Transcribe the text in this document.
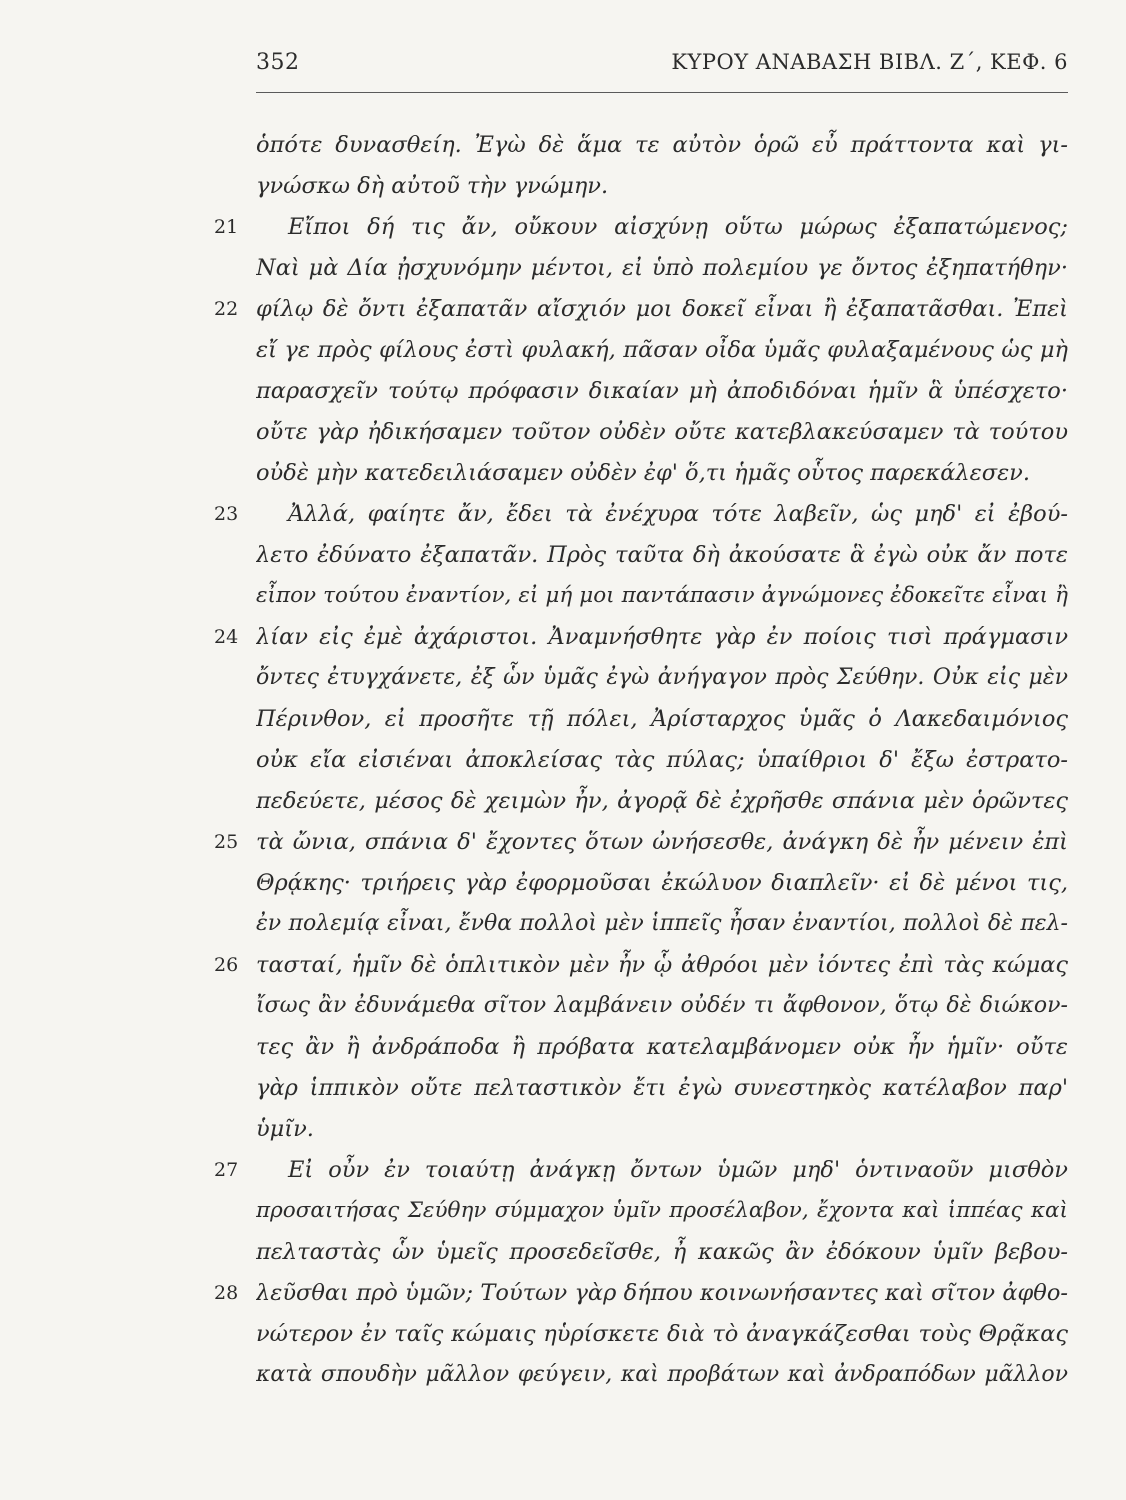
352	ΚΥΡΟΥ ΑΝΑΒΑΣΗ ΒΙΒΛ. Ζ΄, ΚΕΦ. 6
ὁπότε δυνασθείη. Ἐγὼ δὲ ἅμα τε αὐτὸν ὁρῶ εὖ πράττοντα καὶ γι-
γνώσκω δὴ αὐτοῦ τὴν γνώμην.
21	Εἴποι δή τις ἄν, οὔκουν αἰσχύνῃ οὕτω μώρως ἐξαπατώμενος;
Ναὶ μὰ Δία ᾐσχυνόμην μέντοι, εἰ ὑπὸ πολεμίου γε ὄντος ἐξηπατήθην·
22 φίλῳ δὲ ὄντι ἐξαπατᾶν αἴσχιόν μοι δοκεῖ εἶναι ἢ ἐξαπατᾶσθαι. Ἐπεὶ
εἴ γε πρὸς φίλους ἐστὶ φυλακή, πᾶσαν οἶδα ὑμᾶς φυλαξαμένους ὡς μὴ
παρασχεῖν τούτῳ πρόφασιν δικαίαν μὴ ἀποδιδόναι ἡμῖν ἃ ὑπέσχετο·
οὔτε γὰρ ἠδικήσαμεν τοῦτον οὐδὲν οὔτε κατεβλακεύσαμεν τὰ τούτου
οὐδὲ μὴν κατεδειλιάσαμεν οὐδὲν ἐφ' ὅ,τι ἡμᾶς οὗτος παρεκάλεσεν.
23	Ἀλλά, φαίητε ἄν, ἔδει τὰ ἐνέχυρα τότε λαβεῖν, ὡς μηδ' εἰ ἐβού-
λετο ἐδύνατο ἐξαπατᾶν. Πρὸς ταῦτα δὴ ἀκούσατε ἃ ἐγὼ οὐκ ἄν ποτε
εἶπον τούτου ἐναντίον, εἰ μή μοι παντάπασιν ἀγνώμονες ἐδοκεῖτε εἶναι ἢ
24 λίαν εἰς ἐμὲ ἀχάριστοι. Ἀναμνήσθητε γὰρ ἐν ποίοις τισὶ πράγμασιν
ὄντες ἐτυγχάνετε, ἐξ ὧν ὑμᾶς ἐγὼ ἀνήγαγον πρὸς Σεύθην. Οὐκ εἰς μὲν
Πέρινθον, εἰ προσῆτε τῇ πόλει, Ἀρίσταρχος ὑμᾶς ὁ Λακεδαιμόνιος
οὐκ εἴα εἰσιέναι ἀποκλείσας τὰς πύλας; ὑπαίθριοι δ' ἔξω ἐστρατο-
πεδεύετε, μέσος δὲ χειμὼν ἦν, ἀγορᾷ δὲ ἐχρῆσθε σπάνια μὲν ὁρῶντες
25 τὰ ὤνια, σπάνια δ' ἔχοντες ὅτων ὠνήσεσθε, ἀνάγκη δὲ ἦν μένειν ἐπὶ
Θρᾴκης· τριήρεις γὰρ ἐφορμοῦσαι ἐκώλυον διαπλεῖν· εἰ δὲ μένοι τις,
ἐν πολεμίᾳ εἶναι, ἔνθα πολλοὶ μὲν ἱππεῖς ἦσαν ἐναντίοι, πολλοὶ δὲ πελ-
26 τασταί, ἡμῖν δὲ ὁπλιτικὸν μὲν ἦν ᾧ ἀθρόοι μὲν ἰόντες ἐπὶ τὰς κώμας
ἴσως ἂν ἐδυνάμεθα σῖτον λαμβάνειν οὐδέν τι ἄφθονον, ὅτῳ δὲ διώκον-
τες ἂν ἢ ἀνδράποδα ἢ πρόβατα κατελαμβάνομεν οὐκ ἦν ἡμῖν· οὔτε
γὰρ ἱππικὸν οὔτε πελταστικὸν ἔτι ἐγὼ συνεστηκὸς κατέλαβον παρ'
ὑμῖν.
27	Εἰ οὖν ἐν τοιαύτῃ ἀνάγκῃ ὄντων ὑμῶν μηδ' ὁντιναοῦν μισθὸν
προσαιτήσας Σεύθην σύμμαχον ὑμῖν προσέλαβον, ἔχοντα καὶ ἱππέας καὶ
πελταστὰς ὧν ὑμεῖς προσεδεῖσθε, ἦ κακῶς ἂν ἐδόκουν ὑμῖν βεβου-
28 λεῦσθαι πρὸ ὑμῶν; Τούτων γὰρ δήπου κοινωνήσαντες καὶ σῖτον ἀφθο-
νώτερον ἐν ταῖς κώμαις ηὑρίσκετε διὰ τὸ ἀναγκάζεσθαι τοὺς Θρᾷκας
κατὰ σπουδὴν μᾶλλον φεύγειν, καὶ προβάτων καὶ ἀνδραπόδων μᾶλλον
